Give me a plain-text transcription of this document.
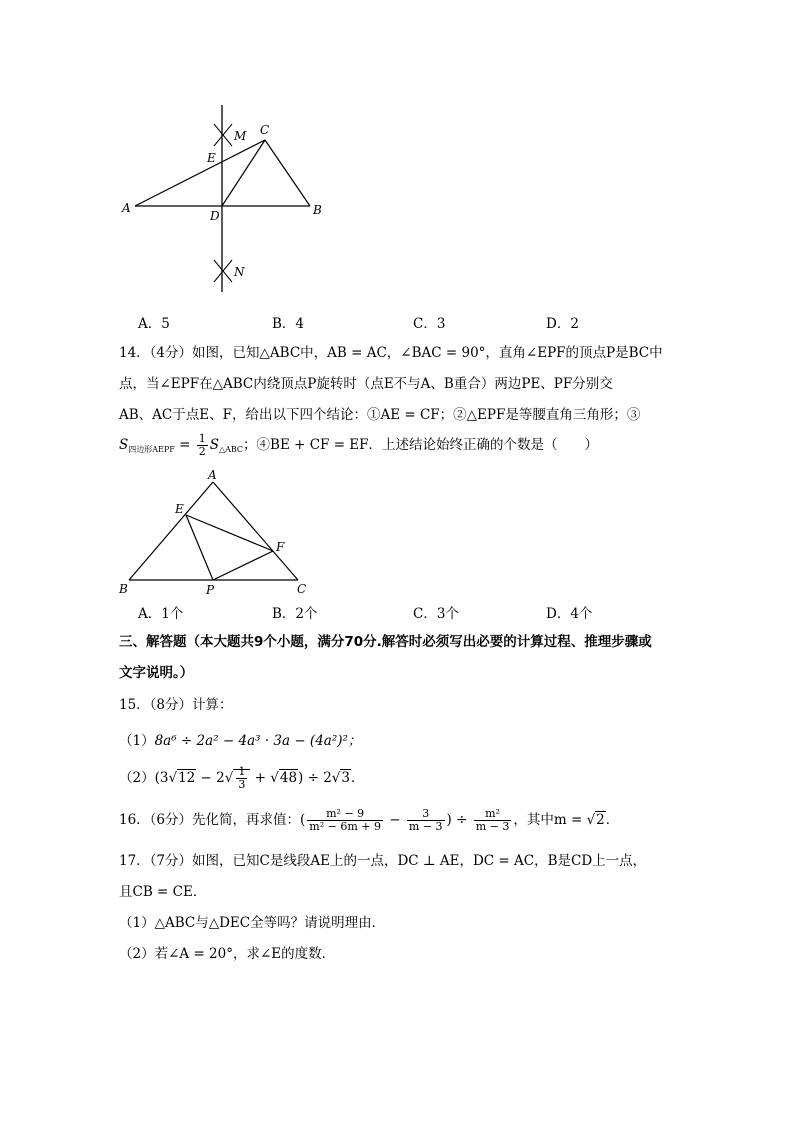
M C
E
A
D	B
N
A．5	B．4	C．3	D．2
14．（4分）如图，已知△ABC中，AB = AC，∠BAC = 90°，直角∠EPF的顶点P是BC中
点，当∠EPF在△ABC内绕顶点P旋转时（点E不与A、B重合）两边PE、PF分别交
AB、AC于点E、F，给出以下四个结论：①AE = CF；②△EPF是等腰直角三角形；③
$S_{四边形AEPF} = \frac{1}{2} S_{\triangle ABC}$；④BE + CF = EF．上述结论始终正确的个数是（　　）
A
E
F
B	P	C
A．1个	B．2个	C．3个	D．4个
三、解答题（本大题共9个小题，满分70分.解答时必须写出必要的计算过程、推理步骤或
文字说明。）
15．（8分）计算：
（1）8a⁶ ÷ 2a² − 4a³ · 3a − (4a²)²；
$(2)(3√12 - 2√ \frac{1}{3} + √48) \div 2√3$．
16．（6分）先化简，再求值：( $\frac{\text{m² − 9}}{\text{m² − 6m + 9}} - \frac{3}{m - 3}$ ) ÷ $\frac{\text{m²}}{m - 3}$ ，其中m = √2．
17．（7分）如图，已知C是线段AE上的一点，DC ⊥ AE，DC = AC，B是CD上一点，
且CB = CE．
（1）△ABC与△DEC全等吗？请说明理由．
（2）若∠A = 20°，求∠E的度数．
